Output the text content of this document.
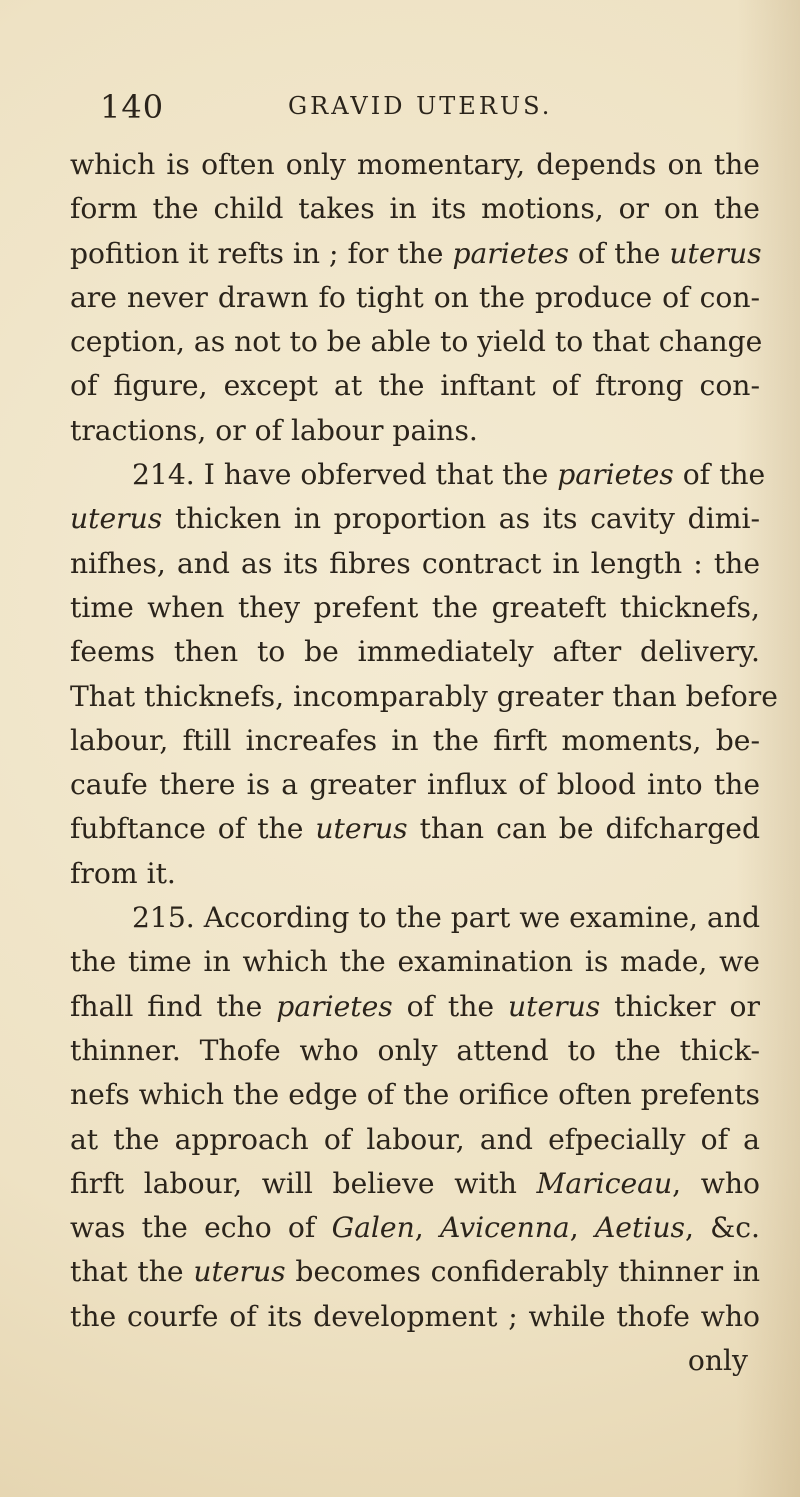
140	GRAVID UTERUS.
which is often only momentary, depends on the
form the child takes in its motions, or on the
pofition it refts in ; for the parietes of the uterus
are never drawn fo tight on the produce of con-
ception, as not to be able to yield to that change
of figure, except at the inftant of ftrong con-
tractions, or of labour pains.
214. I have obferved that the parietes of the
uterus thicken in proportion as its cavity dimi-
nifhes, and as its fibres contract in length : the
time when they prefent the greateft thicknefs,
feems then to be immediately after delivery.
That thicknefs, incomparably greater than before
labour, ftill increafes in the firft moments, be-
caufe there is a greater influx of blood into the
fubftance of the uterus than can be difcharged
from it.
215. According to the part we examine, and
the time in which the examination is made, we
fhall find the parietes of the uterus thicker or
thinner. Thofe who only attend to the thick-
nefs which the edge of the orifice often prefents
at the approach of labour, and efpecially of a
firft labour, will believe with Mariceau, who
was the echo of Galen, Avicenna, Aetius, &c.
that the uterus becomes confiderably thinner in
the courfe of its development ; while thofe who
only
